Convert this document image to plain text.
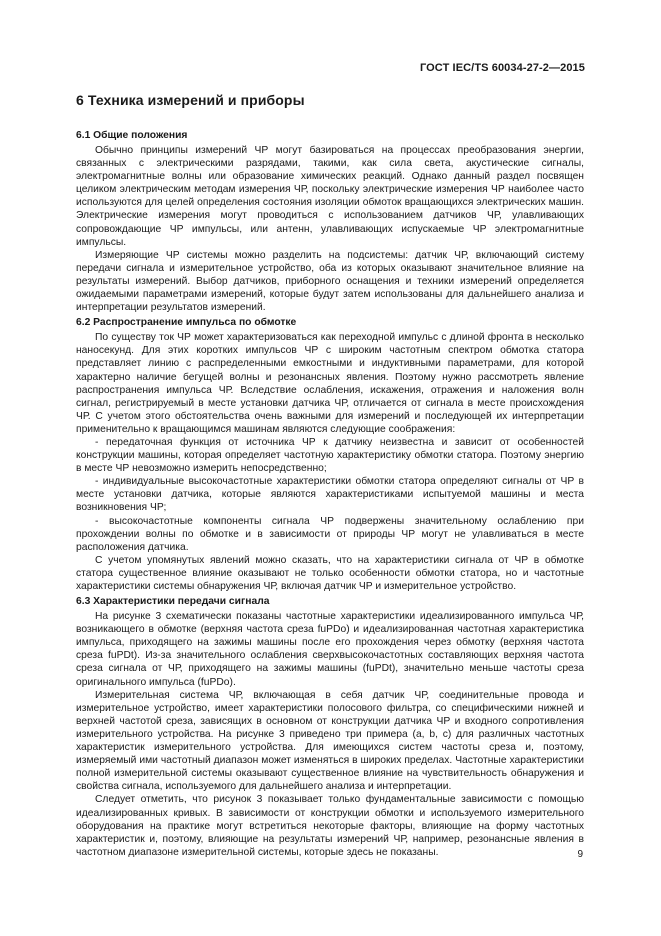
ГОСТ IEC/TS 60034-27-2—2015
6 Техника измерений и приборы
6.1 Общие положения

Обычно принципы измерений ЧР могут базироваться на процессах преобразования энергии, связанных с электрическими разрядами, такими, как сила света, акустические сигналы, электромагнитные волны или образование химических реакций. Однако данный раздел посвящен целиком электрическим методам измерения ЧР, поскольку электрические измерения ЧР наиболее часто используются для целей определения состояния изоляции обмоток вращающихся электрических машин. Электрические измерения могут проводиться с использованием датчиков ЧР, улавливающих сопровождающие ЧР импульсы, или антенн, улавливающих испускаемые ЧР электромагнитные импульсы.

Измеряющие ЧР системы можно разделить на подсистемы: датчик ЧР, включающий систему передачи сигнала и измерительное устройство, оба из которых оказывают значительное влияние на результаты измерений. Выбор датчиков, приборного оснащения и техники измерений определяется ожидаемыми параметрами измерений, которые будут затем использованы для дальнейшего анализа и интерпретации результатов измерений.

6.2 Распространение импульса по обмотке

По существу ток ЧР может характеризоваться как переходной импульс с длиной фронта в несколько наносекунд. Для этих коротких импульсов ЧР с широким частотным спектром обмотка статора представляет линию с распределенными емкостными и индуктивными параметрами, для которой характерно наличие бегущей волны и резонансных явления. Поэтому нужно рассмотреть явление распространения импульса ЧР. Вследствие ослабления, искажения, отражения и наложения волн сигнал, регистрируемый в месте установки датчика ЧР, отличается от сигнала в месте происхождения ЧР. С учетом этого обстоятельства очень важными для измерений и последующей их интерпретации применительно к вращающимся машинам являются следующие соображения:

- передаточная функция от источника ЧР к датчику неизвестна и зависит от особенностей конструкции машины, которая определяет частотную характеристику обмотки статора. Поэтому энергию в месте ЧР невозможно измерить непосредственно;

- индивидуальные высокочастотные характеристики обмотки статора определяют сигналы от ЧР в месте установки датчика, которые являются характеристиками испытуемой машины и места возникновения ЧР;

- высокочастотные компоненты сигнала ЧР подвержены значительному ослаблению при прохождении волны по обмотке и в зависимости от природы ЧР могут не улавливаться в месте расположения датчика.

С учетом упомянутых явлений можно сказать, что на характеристики сигнала от ЧР в обмотке статора существенное влияние оказывают не только особенности обмотки статора, но и частотные характеристики системы обнаружения ЧР, включая датчик ЧР и измерительное устройство.

6.3 Характеристики передачи сигнала

На рисунке 3 схематически показаны частотные характеристики идеализированного импульса ЧР, возникающего в обмотке (верхняя частота среза fuPDo) и идеализированная частотная характеристика импульса, приходящего на зажимы машины после его прохождения через обмотку (верхняя частота среза fuPDt). Из-за значительного ослабления сверхвысокочастотных составляющих верхняя частота среза сигнала от ЧР, приходящего на зажимы машины (fuPDt), значительно меньше частоты среза оригинального импульса (fuPDo).

Измерительная система ЧР, включающая в себя датчик ЧР, соединительные провода и измерительное устройство, имеет характеристики полосового фильтра, со специфическими нижней и верхней частотой среза, зависящих в основном от конструкции датчика ЧР и входного сопротивления измерительного устройства. На рисунке 3 приведено три примера (a, b, c) для различных частотных характеристик измерительного устройства. Для имеющихся систем частоты среза и, поэтому, измеряемый ими частотный диапазон может изменяться в широких пределах. Частотные характеристики полной измерительной системы оказывают существенное влияние на чувствительность обнаружения и свойства сигнала, используемого для дальнейшего анализа и интерпретации.

Следует отметить, что рисунок 3 показывает только фундаментальные зависимости с помощью идеализированных кривых. В зависимости от конструкции обмотки и используемого измерительного оборудования на практике могут встретиться некоторые факторы, влияющие на форму частотных характеристик и, поэтому, влияющие на результаты измерений ЧР, например, резонансные явления в частотном диапазоне измерительной системы, которые здесь не показаны.	9
